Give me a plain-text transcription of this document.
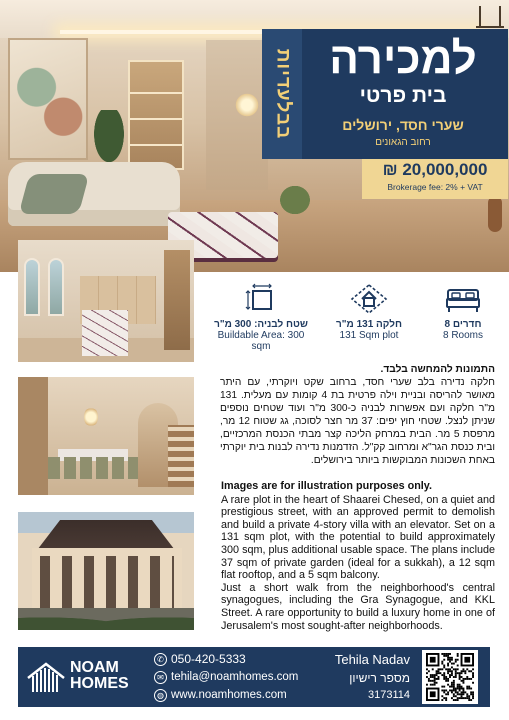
בבלעדיות למכירה
בית פרטי
שערי חסד, ירושלים
רחוב הגאונים
₪ 20,000,000
Brokerage fee: 2% + VAT
שטח לבניה: 300 מ"ר
Buildable Area: 300 sqm
חלקה 131 מ"ר
131 Sqm plot
8 חדרים
8 Rooms
התמונות להמחשה בלבד.
חלקה נדירה בלב שערי חסד, ברחוב שקט ויוקרתי, עם היתר מאושר להריסה ובניית וילה פרטית בת 4 קומות עם מעלית. 131 מ"ר חלקה ועם אפשרות לבניה כ-300 מ"ר ועוד שטחים נוספים שניתן לנצל. שטחי חוץ יפים: 37 מר חצר לסוכה, גג שטוח 12 מר, מרפסת 5 מר. הבית במרחק הליכה קצר מבתי הכנסת המרכזיים, ובית כנסת הגר"א ומרחוב קק"ל. הזדמנות נדירה לבנות בית יוקרתי באחת השכונות המבוקשות ביותר בירושלים.
Images are for illustration purposes only.

A rare plot in the heart of Shaarei Chesed, on a quiet and prestigious street, with an approved permit to demolish and build a private 4-story villa with an elevator. Set on a 131 sqm plot, with the potential to build approximately 300 sqm, plus additional usable space. The plans include 37 sqm of private garden (ideal for a sukkah), a 12 sqm flat rooftop, and a 5 sqm balcony.

Just a short walk from the neighborhood's central synagogues, including the Gra Synagogue, and KKL Street. A rare opportunity to build a luxury home in one of Jerusalem's most sought-after neighborhoods.

NOAM
HOMES
✆ 050-420-5333
✉ tehila@noamhomes.com
◍ www.noamhomes.com
Tehila Nadav
מספר רישיון
3173114
